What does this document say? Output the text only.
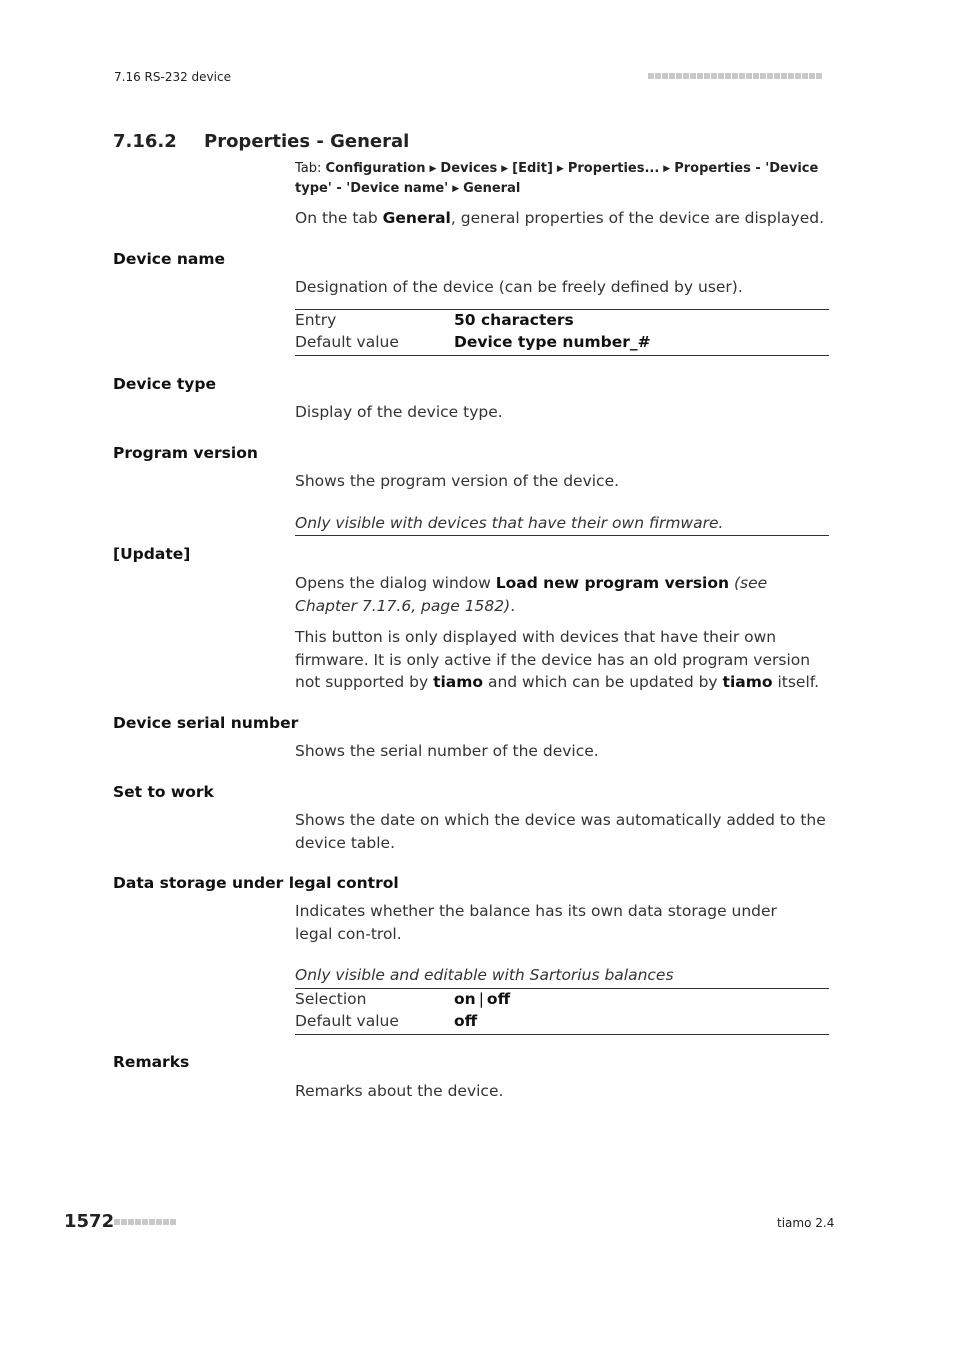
7.16 RS-232 device
7.16.2 Properties - General
Tab: Configuration ▶ Devices ▶ [Edit] ▶ Properties... ▶ Properties - 'Device type' - 'Device name' ▶ General
On the tab General, general properties of the device are displayed.
Device name
Designation of the device (can be freely defined by user).
Entry	50 characters
Default value	Device type number_#
Device type
Display of the device type.
Program version
Shows the program version of the device.
Only visible with devices that have their own firmware.
[Update]
Opens the dialog window Load new program version (see Chapter 7.17.6, page 1582).
This button is only displayed with devices that have their own firmware. It is only active if the device has an old program version not supported by tiamo and which can be updated by tiamo itself.
Device serial number
Shows the serial number of the device.
Set to work
Shows the date on which the device was automatically added to the device table.
Data storage under legal control
Indicates whether the balance has its own data storage under legal con-trol.
Only visible and editable with Sartorius balances
Selection	on | off
Default value	off
Remarks
Remarks about the device.
1572	tiamo 2.4
